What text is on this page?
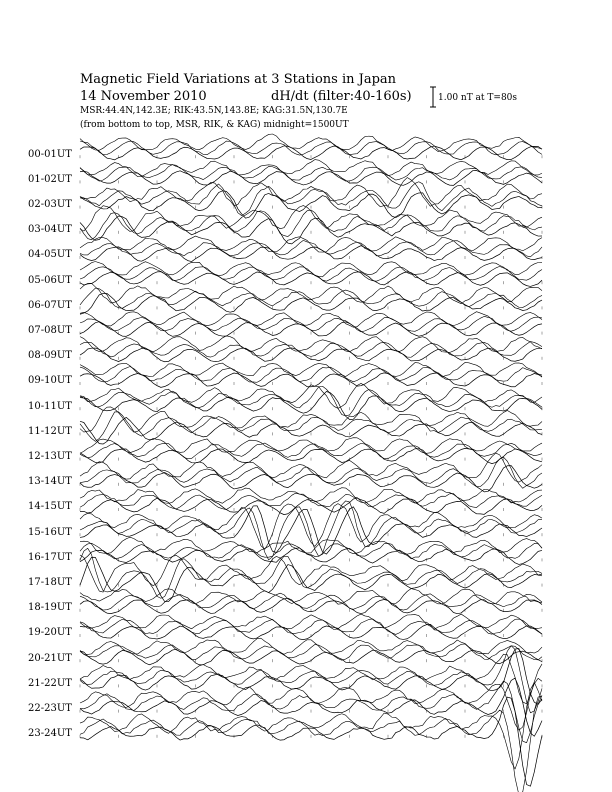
Magnetic Field Variations at 3 Stations in Japan
14 November 2010	dH/dt (filter:40-160s)
MSR:44.4N,142.3E; RIK:43.5N,143.8E; KAG:31.5N,130.7E
(from bottom to top, MSR, RIK, & KAG) midnight=1500UT
1.00 nT at T=80s
00-01UT
01-02UT
02-03UT
03-04UT
04-05UT
05-06UT
06-07UT
07-08UT
08-09UT
09-10UT
10-11UT
11-12UT
12-13UT
13-14UT
14-15UT
15-16UT
16-17UT
17-18UT
18-19UT
19-20UT
20-21UT
21-22UT
22-23UT
23-24UT
